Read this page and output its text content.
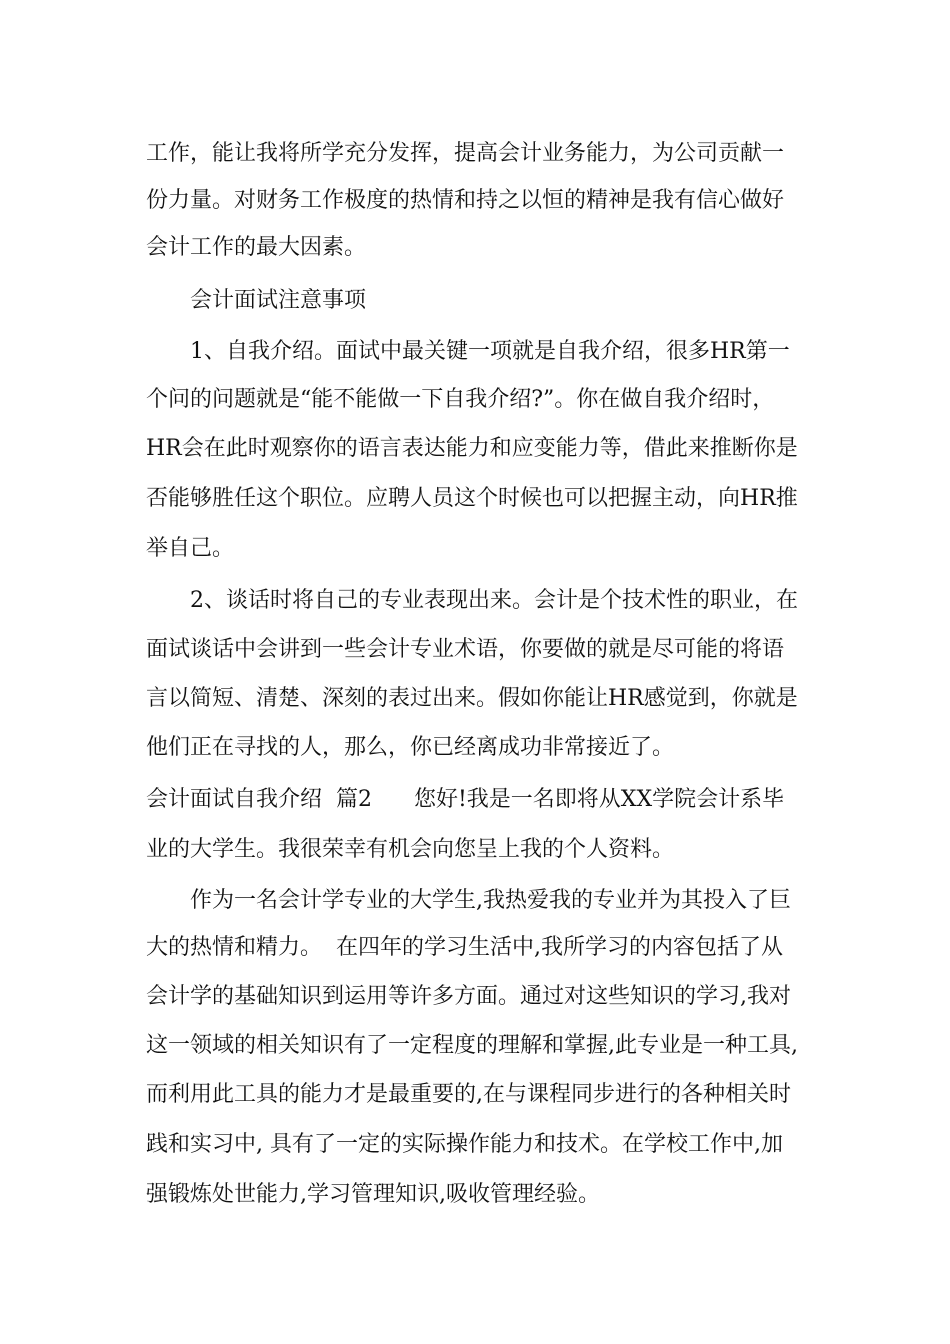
工作，能让我将所学充分发挥，提高会计业务能力，为公司贡献一
份力量。对财务工作极度的热情和持之以恒的精神是我有信心做好
会计工作的最大因素。
会计面试注意事项
1、自我介绍。面试中最关键一项就是自我介绍，很多HR第一
个问的问题就是“能不能做一下自我介绍?”。你在做自我介绍时，
HR会在此时观察你的语言表达能力和应变能力等，借此来推断你是
否能够胜任这个职位。应聘人员这个时候也可以把握主动，向HR推
举自己。
2、谈话时将自己的专业表现出来。会计是个技术性的职业，在
面试谈话中会讲到一些会计专业术语，你要做的就是尽可能的将语
言以简短、清楚、深刻的表过出来。假如你能让HR感觉到，你就是
他们正在寻找的人，那么，你已经离成功非常接近了。
会计面试自我介绍  篇2      您好!我是一名即将从XX学院会计系毕
业的大学生。我很荣幸有机会向您呈上我的个人资料。
作为一名会计学专业的大学生,我热爱我的专业并为其投入了巨
大的热情和精力。  在四年的学习生活中,我所学习的内容包括了从
会计学的基础知识到运用等许多方面。通过对这些知识的学习,我对
这一领域的相关知识有了一定程度的理解和掌握,此专业是一种工具,
而利用此工具的能力才是最重要的,在与课程同步进行的各种相关时
践和实习中, 具有了一定的实际操作能力和技术。在学校工作中,加
强锻炼处世能力,学习管理知识,吸收管理经验。
